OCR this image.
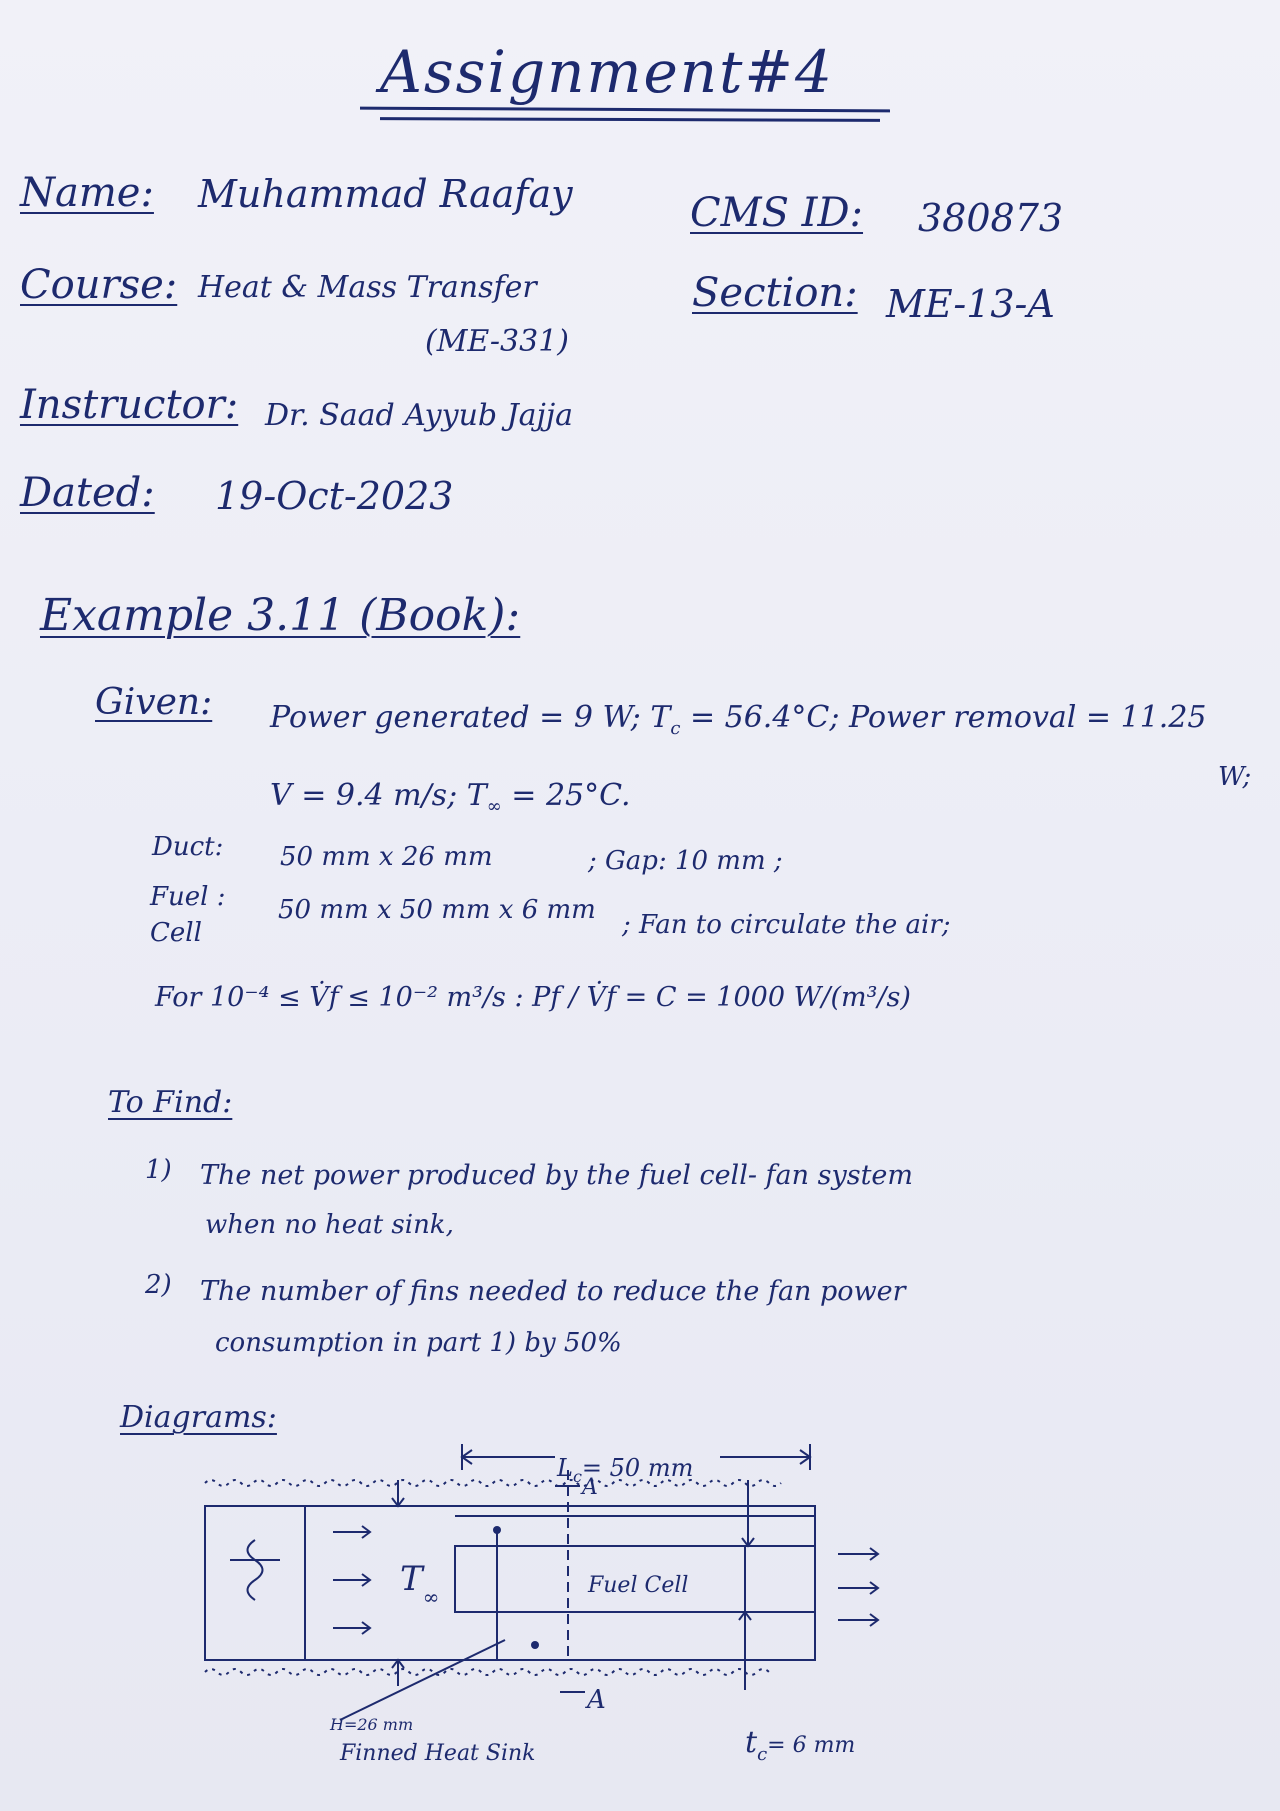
Assignment#4
Name: Muhammad Raafay	CMS ID: 380873
Course: Heat & Mass Transfer
(ME-331)
Section: ME-13-A
Instructor: Dr. Saad Ayyub Jajja
Dated: 19-Oct-2023
Example 3.11 (Book):
Given: Power generated = 9 W; $T_c = 56.4^\circ C$; Power removal = 11.25
W;
V = 9.4 m/s; $T_\infty = 25^\circ C$.
Duct: 50 mm x 26 mm	; Gap: 10 mm ;
Fuel :
Cell
50 mm x 50 mm x 6 mm ; Fan to circulate the air;
For 10⁻⁴ ≤ V̇f ≤ 10⁻² m³/s : Pf / V̇f = C = 1000 W/(m³/s)
To Find:
1) The net power produced by the fuel cell- fan system
when no heat sink,
2) The number of fins needed to reduce the fan power
consumption in part 1) by 50%
Diagrams:
$L_c= 50$ mm
A
A
$T_\infty$	Fuel Cell
H=26 mm
Finned Heat Sink	$t_c^{= 6 mm}$
